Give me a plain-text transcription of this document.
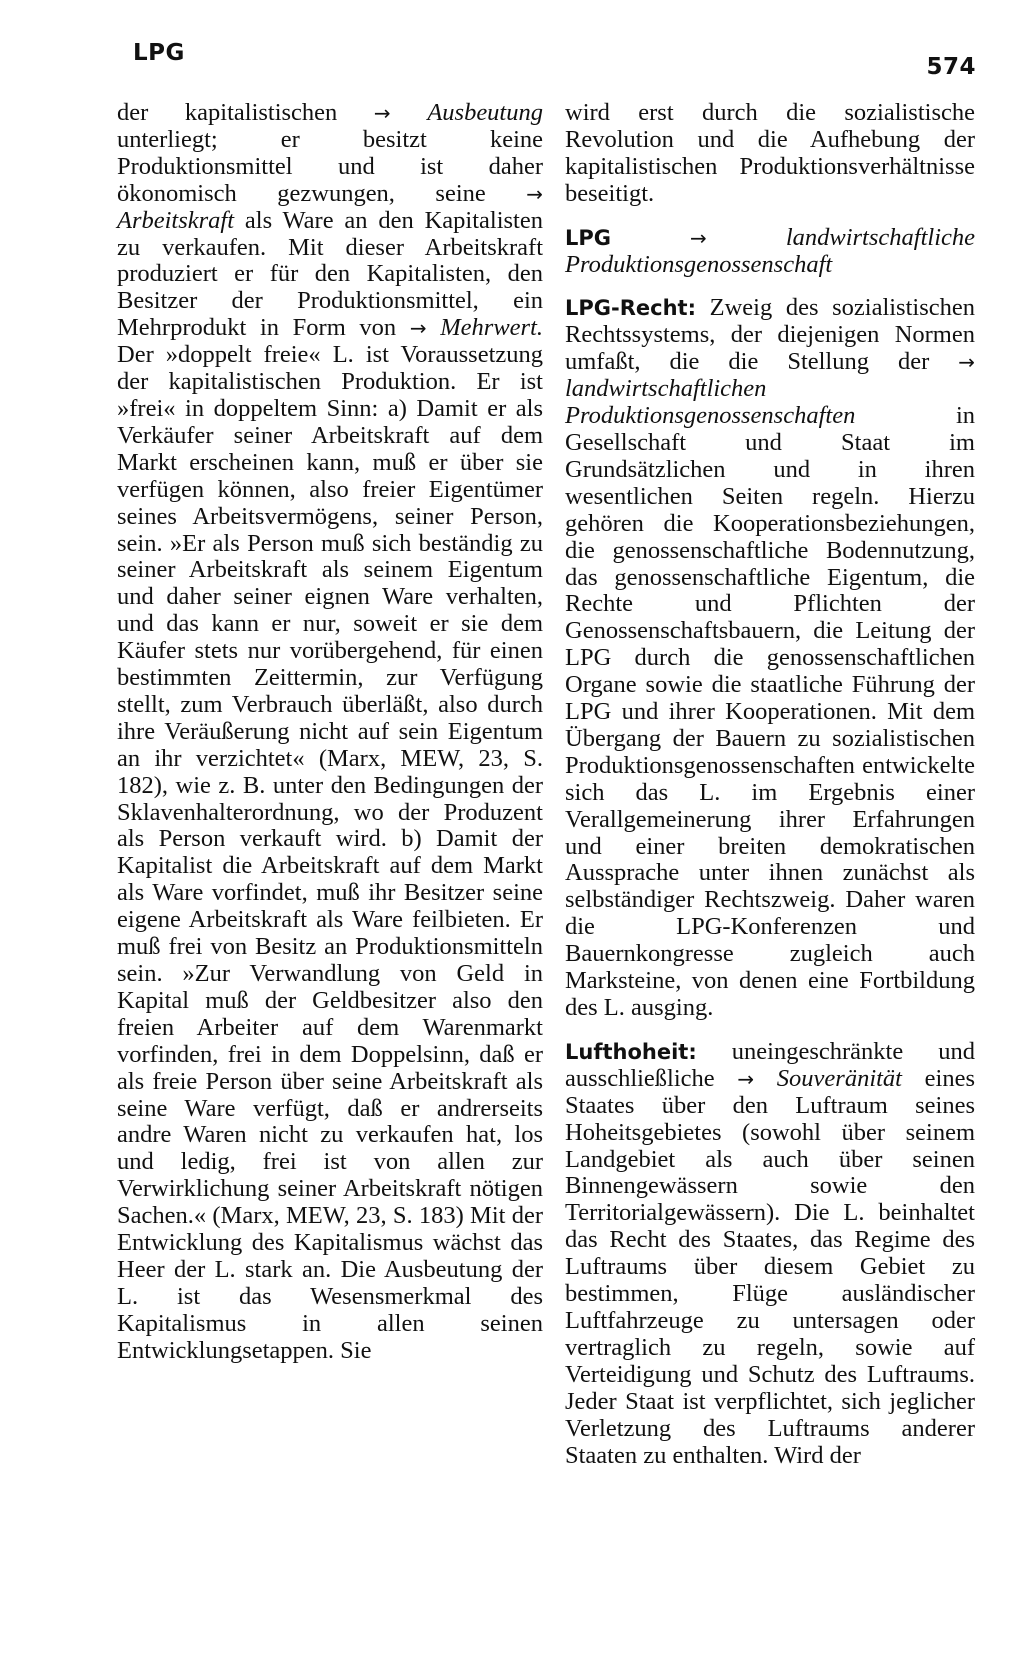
LPG
574

der kapitalistischen → Ausbeutung unterliegt; er besitzt keine Produktionsmittel und ist daher ökonomisch gezwungen, seine → Arbeitskraft als Ware an den Kapitalisten zu verkaufen. Mit dieser Arbeitskraft produziert er für den Kapitalisten, den Besitzer der Produktionsmittel, ein Mehrprodukt in Form von → Mehrwert. Der »doppelt freie« L. ist Voraussetzung der kapitalistischen Produktion. Er ist »frei« in doppeltem Sinn: a) Damit er als Verkäufer seiner Arbeitskraft auf dem Markt erscheinen kann, muß er über sie verfügen können, also freier Eigentümer seines Arbeitsvermögens, seiner Person, sein. »Er als Person muß sich beständig zu seiner Arbeitskraft als seinem Eigentum und daher seiner eignen Ware verhalten, und das kann er nur, soweit er sie dem Käufer stets nur vorübergehend, für einen bestimmten Zeittermin, zur Verfügung stellt, zum Verbrauch überläßt, also durch ihre Veräußerung nicht auf sein Eigentum an ihr verzichtet« (Marx, MEW, 23, S. 182), wie z. B. unter den Bedingungen der Sklavenhalterordnung, wo der Produzent als Person verkauft wird. b) Damit der Kapitalist die Arbeitskraft auf dem Markt als Ware vorfindet, muß ihr Besitzer seine eigene Arbeitskraft als Ware feilbieten. Er muß frei von Besitz an Produktionsmitteln sein. »Zur Verwandlung von Geld in Kapital muß der Geldbesitzer also den freien Arbeiter auf dem Warenmarkt vorfinden, frei in dem Doppelsinn, daß er als freie Person über seine Arbeitskraft als seine Ware verfügt, daß er andrerseits andre Waren nicht zu verkaufen hat, los und ledig, frei ist von allen zur Verwirklichung seiner Arbeitskraft nötigen Sachen.« (Marx, MEW, 23, S. 183) Mit der Entwicklung des Kapitalismus wächst das Heer der L. stark an. Die Ausbeutung der L. ist das Wesensmerkmal des Kapitalismus in allen seinen Entwicklungsetappen. Sie

wird erst durch die sozialistische Revolution und die Aufhebung der kapitalistischen Produktionsverhältnisse beseitigt.

LPG	→	landwirtschaftliche Produktionsgenossenschaft

LPG-Recht: Zweig des sozialistischen Rechtssystems, der diejenigen Normen umfaßt, die die Stellung der → landwirtschaftlichen Produktionsgenossenschaften in Gesellschaft und Staat im Grundsätzlichen und in ihren wesentlichen Seiten regeln. Hierzu gehören die Kooperationsbeziehungen, die genossenschaftliche Bodennutzung, das genossenschaftliche Eigentum, die Rechte und Pflichten der Genossenschaftsbauern, die Leitung der LPG durch die genossenschaftlichen Organe sowie die staatliche Führung der LPG und ihrer Kooperationen. Mit dem Übergang der Bauern zu sozialistischen Produktionsgenossenschaften entwickelte sich das L. im Ergebnis einer Verallgemeinerung ihrer Erfahrungen und einer breiten demokratischen Aussprache unter ihnen zunächst als selbständiger Rechtszweig. Daher waren die LPG-Konferenzen und Bauernkongresse zugleich auch Marksteine, von denen eine Fortbildung des L. ausging.

Lufthoheit: uneingeschränkte und ausschließliche → Souveränität eines Staates über den Luftraum seines Hoheitsgebietes (sowohl über seinem Landgebiet als auch über seinen Binnengewässern sowie den Territorialgewässern). Die L. beinhaltet das Recht des Staates, das Regime des Luftraums über diesem Gebiet zu bestimmen, Flüge ausländischer Luftfahrzeuge zu untersagen oder vertraglich zu regeln, sowie auf Verteidigung und Schutz des Luftraums. Jeder Staat ist verpflichtet, sich jeglicher Verletzung des Luftraums anderer Staaten zu enthalten. Wird der
